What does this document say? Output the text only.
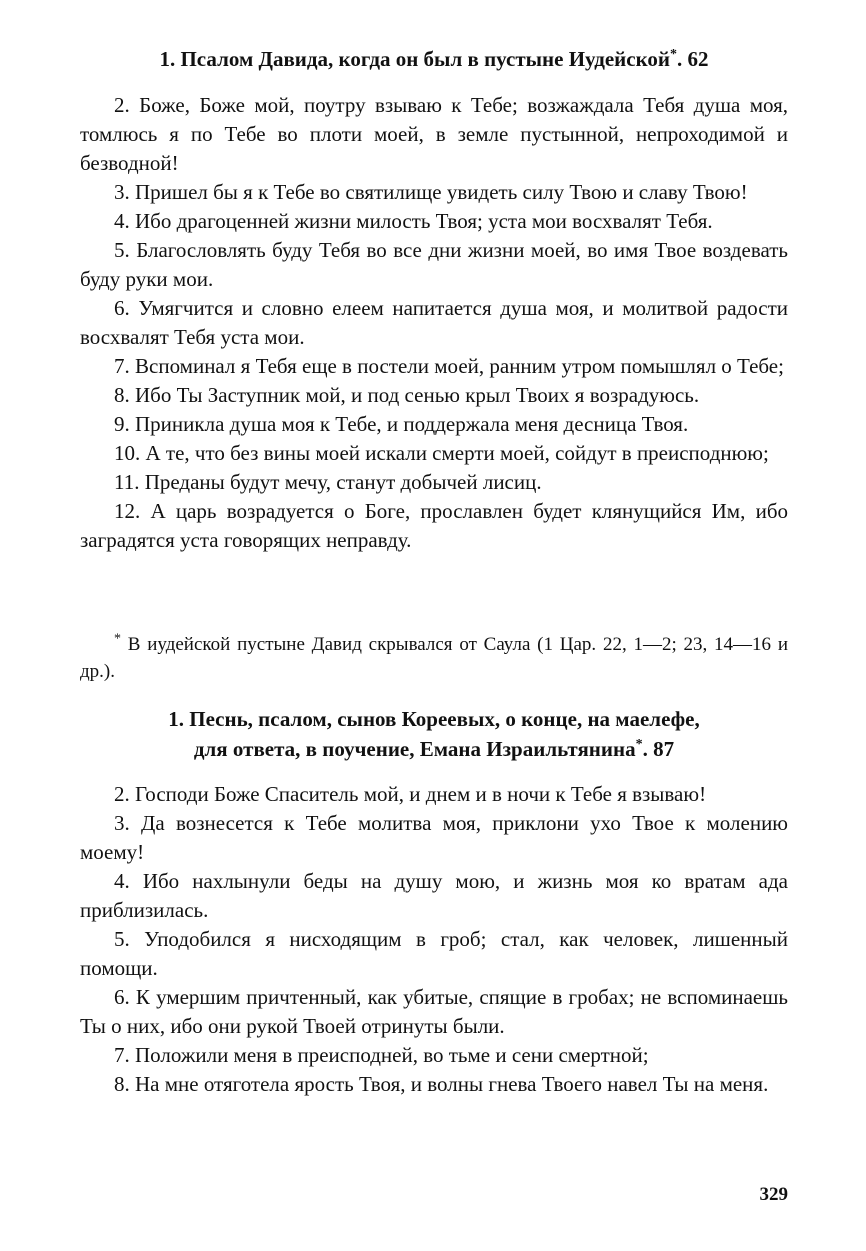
1. Псалом Давида, когда он был в пустыне Иудейской*. 62

2. Боже, Боже мой, поутру взываю к Тебе; возжаждала Тебя душа моя, томлюсь я по Тебе во плоти моей, в земле пустынной, непроходимой и безводной!

3. Пришел бы я к Тебе во святилище увидеть силу Твою и славу Твою!

4. Ибо драгоценней жизни милость Твоя; уста мои восхвалят Тебя.

5. Благословлять буду Тебя во все дни жизни моей, во имя Твое воздевать буду руки мои.

6. Умягчится и словно елеем напитается душа моя, и молитвой радости восхвалят Тебя уста мои.

7. Вспоминал я Тебя еще в постели моей, ранним утром помышлял о Тебе;

8. Ибо Ты Заступник мой, и под сенью крыл Твоих я возрадуюсь.

9. Приникла душа моя к Тебе, и поддержала меня десница Твоя.

10. А те, что без вины моей искали смерти моей, сойдут в преисподнюю;

11. Преданы будут мечу, станут добычей лисиц.

12. А царь возрадуется о Боге, прославлен будет клянущийся Им, ибо заградятся уста говорящих неправду.

* В иудейской пустыне Давид скрывался от Саула (1 Цар. 22, 1—2; 23, 14—16 и др.).

1. Песнь, псалом, сынов Кореевых, о конце, на маелефе,
для ответа, в поучение, Емана Израильтянина*. 87

2. Господи Боже Спаситель мой, и днем и в ночи к Тебе я взываю!

3. Да вознесется к Тебе молитва моя, приклони ухо Твое к молению моему!

4. Ибо нахлынули беды на душу мою, и жизнь моя ко вратам ада приблизилась.

5. Уподобился я нисходящим в гроб; стал, как человек, лишенный помощи.

6. К умершим причтенный, как убитые, спящие в гробах; не вспоминаешь Ты о них, ибо они рукой Твоей отринуты были.

7. Положили меня в преисподней, во тьме и сени смертной;

8. На мне отяготела ярость Твоя, и волны гнева Твоего навел Ты на меня.

329
